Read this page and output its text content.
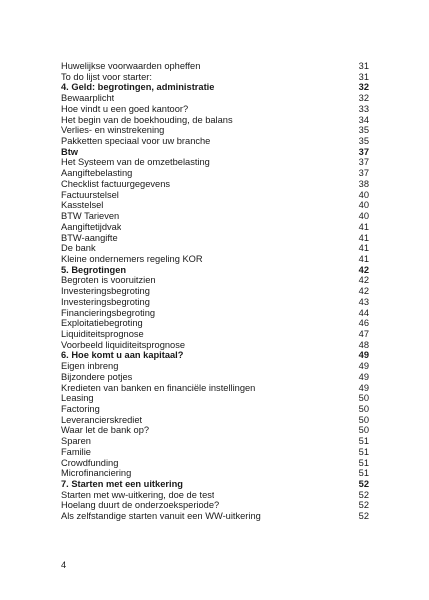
Huwelijkse voorwaarden opheffen	31
To do lijst voor starter:	31
4. Geld: begrotingen, administratie	32
Bewaarplicht	32
Hoe vindt u een goed kantoor?	33
Het begin van de boekhouding, de balans	34
Verlies- en winstrekening	35
Pakketten speciaal voor uw branche	35
Btw	37
Het Systeem van de omzetbelasting	37
Aangiftebelasting	37
Checklist factuurgegevens	38
Factuurstelsel	40
Kasstelsel	40
BTW Tarieven	40
Aangiftetijdvak	41
BTW-aangifte	41
De bank	41
Kleine ondernemers regeling KOR	41
5. Begrotingen	42
Begroten is vooruitzien	42
Investeringsbegroting	42
Investeringsbegroting	43
Financieringsbegroting	44
Exploitatiebegroting	46
Liquiditeitsprognose	47
Voorbeeld liquiditeitsprognose	48
6. Hoe komt u aan kapitaal?	49
Eigen inbreng	49
Bijzondere potjes	49
Kredieten van banken en financiële instellingen	49
Leasing	50
Factoring	50
Leverancierskrediet	50
Waar let de bank op?	50
Sparen	51
Familie	51
Crowdfunding	51
Microfinanciering	51
7. Starten met een uitkering	52
Starten met ww-uitkering, doe de test	52
Hoelang duurt de onderzoeksperiode?	52
Als zelfstandige starten vanuit een WW-uitkering	52
4
